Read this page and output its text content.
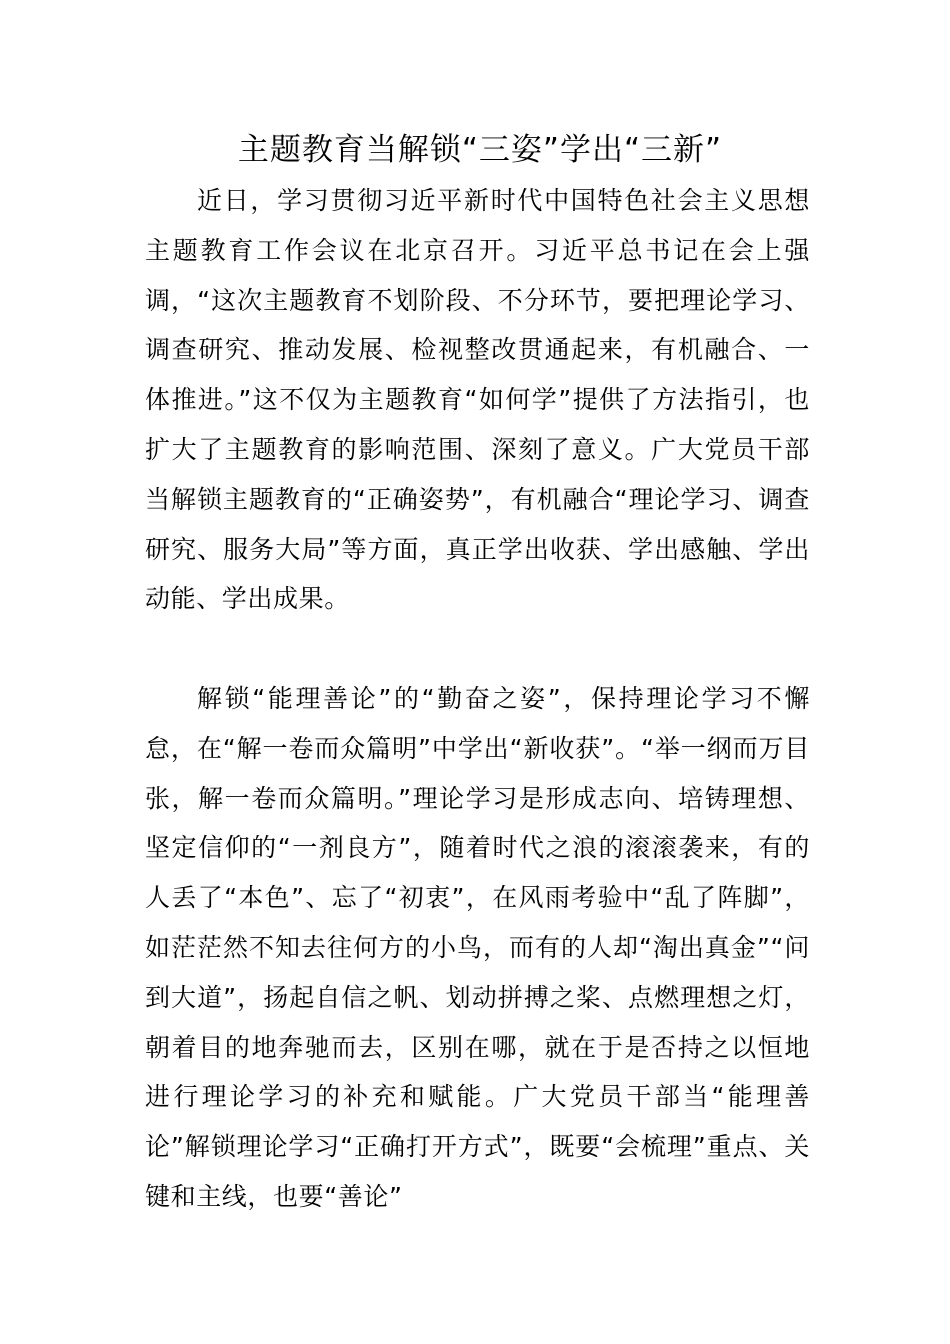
主题教育当解锁“三姿”学出“三新”

近日，学习贯彻习近平新时代中国特色社会主义思想主题教育工作会议在北京召开。习近平总书记在会上强调，“这次主题教育不划阶段、不分环节，要把理论学习、调查研究、推动发展、检视整改贯通起来，有机融合、一体推进。”这不仅为主题教育“如何学”提供了方法指引，也扩大了主题教育的影响范围、深刻了意义。广大党员干部当解锁主题教育的“正确姿势”，有机融合“理论学习、调查研究、服务大局”等方面，真正学出收获、学出感触、学出动能、学出成果。

解锁“能理善论”的“勤奋之姿”，保持理论学习不懈怠，在“解一卷而众篇明”中学出“新收获”。“举一纲而万目张，解一卷而众篇明。”理论学习是形成志向、培铸理想、坚定信仰的“一剂良方”，随着时代之浪的滚滚袭来，有的人丢了“本色”、忘了“初衷”，在风雨考验中“乱了阵脚”，如茫茫然不知去往何方的小鸟，而有的人却“淘出真金”“问到大道”，扬起自信之帆、划动拼搏之桨、点燃理想之灯，朝着目的地奔驰而去，区别在哪，就在于是否持之以恒地进行理论学习的补充和赋能。广大党员干部当“能理善论”解锁理论学习“正确打开方式”，既要“会梳理”重点、关键和主线，也要“善论”
